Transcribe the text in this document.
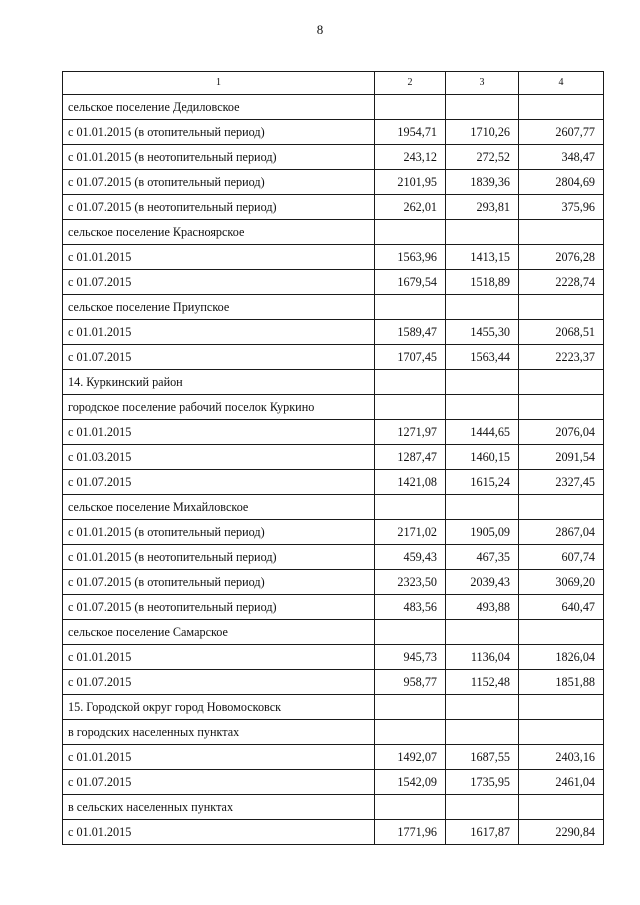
8
1	2	3	4
сельское поселение Дедиловское			
с 01.01.2015 (в отопительный период)	1954,71	1710,26	2607,77
с 01.01.2015 (в неотопительный период)	243,12	272,52	348,47
с 01.07.2015 (в отопительный период)	2101,95	1839,36	2804,69
с 01.07.2015 (в неотопительный период)	262,01	293,81	375,96
сельское поселение Красноярское			
с 01.01.2015	1563,96	1413,15	2076,28
с 01.07.2015	1679,54	1518,89	2228,74
сельское поселение Приупское			
с 01.01.2015	1589,47	1455,30	2068,51
с 01.07.2015	1707,45	1563,44	2223,37
14. Куркинский район			
городское поселение рабочий поселок Куркино			
с 01.01.2015	1271,97	1444,65	2076,04
с 01.03.2015	1287,47	1460,15	2091,54
с 01.07.2015	1421,08	1615,24	2327,45
сельское поселение Михайловское			
с 01.01.2015 (в отопительный период)	2171,02	1905,09	2867,04
с 01.01.2015 (в неотопительный период)	459,43	467,35	607,74
с 01.07.2015 (в отопительный период)	2323,50	2039,43	3069,20
с 01.07.2015 (в неотопительный период)	483,56	493,88	640,47
сельское поселение Самарское			
с 01.01.2015	945,73	1136,04	1826,04
с 01.07.2015	958,77	1152,48	1851,88
15. Городской округ город Новомосковск			
в городских населенных пунктах			
с 01.01.2015	1492,07	1687,55	2403,16
с 01.07.2015	1542,09	1735,95	2461,04
в сельских населенных пунктах			
с 01.01.2015	1771,96	1617,87	2290,84
